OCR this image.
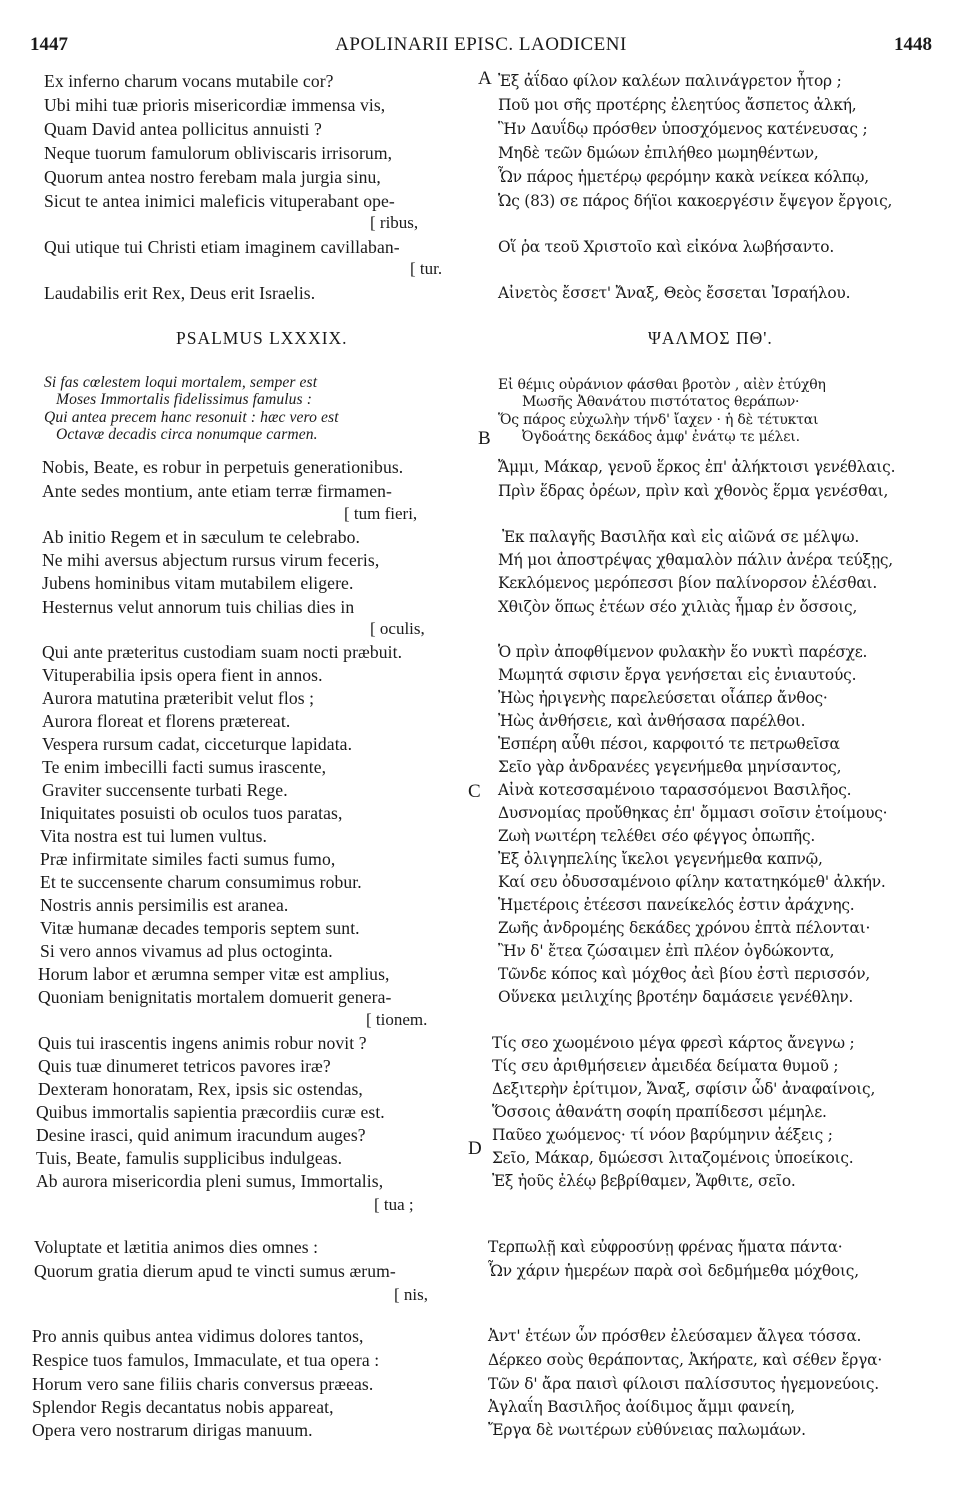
1447	APOLINARII EPISC. LAODICENI	1448
A
B
C
D
Ex inferno charum vocans mutabile cor?
Ubi mihi tuæ prioris misericordiæ immensa vis,
Quam David antea pollicitus annuisti ?
Neque tuorum famulorum obliviscaris irrisorum,
Quorum antea nostro ferebam mala jurgia sinu,
Sicut te antea inimici maleficis vituperabant ope-
[ ribus,
Qui utique tui Christi etiam imaginem cavillaban-
[ tur.
Laudabilis erit Rex, Deus erit Israelis.
PSALMUS LXXXIX.
Si fas cœlestem loqui mortalem, semper est
Moses Immortalis fidelissimus famulus :
Qui antea precem hanc resonuit : hæc vero est
Octavæ decadis circa nonumque carmen.
Nobis, Beate, es robur in perpetuis generationibus.
Ante sedes montium, ante etiam terræ firmamen-
[ tum fieri,
Ab initio Regem et in sæculum te celebrabo.
Ne mihi aversus abjectum rursus virum feceris,
Jubens hominibus vitam mutabilem eligere.
Hesternus velut annorum tuis chilias dies in
[ oculis,
Qui ante præteritus custodiam suam nocti præbuit.
Vituperabilia ipsis opera fient in annos.
Aurora matutina præteribit velut flos ;
Aurora floreat et florens prætereat.
Vespera rursum cadat, cicceturque lapidata.
Te enim imbecilli facti sumus irascente,
Graviter succensente turbati Rege.
Iniquitates posuisti ob oculos tuos paratas,
Vita nostra est tui lumen vultus.
Præ infirmitate similes facti sumus fumo,
Et te succensente charum consumimus robur.
Nostris annis persimilis est aranea.
Vitæ humanæ decades temporis septem sunt.
Si vero annos vivamus ad plus octoginta.
Horum labor et ærumna semper vitæ est amplius,
Quoniam benignitatis mortalem domuerit genera-
[ tionem.
Quis tui irascentis ingens animis robur novit ?
Quis tuæ dinumeret tetricos pavores iræ?
Dexteram honoratam, Rex, ipsis sic ostendas,
Quibus immortalis sapientia præcordiis curæ est.
Desine irasci, quid animum iracundum auges?
Tuis, Beate, famulis supplicibus indulgeas.
Ab aurora misericordia pleni sumus, Immortalis,
[ tua ;
Voluptate et lætitia animos dies omnes :
Quorum gratia dierum apud te vincti sumus ærum-
[ nis,
Pro annis quibus antea vidimus dolores tantos,
Respice tuos famulos, Immaculate, et tua opera :
Horum vero sane filiis charis conversus præeas.
Splendor Regis decantatus nobis appareat,
Opera vero nostrarum dirigas manuum.
Ἐξ ἀΐδαο φίλον καλέων παλινάγρετον ἦτορ ;
Ποῦ μοι σῆς προτέρης ἐλεητύος ἄσπετος ἀλκή,
Ἣν Δαυΐδῳ πρόσθεν ὑποσχόμενος κατένευσας ;
Μηδὲ τεῶν δμώων ἐπιλήθεο μωμηθέντων,
Ὧν πάρος ἡμετέρῳ φερόμην κακὰ νείκεα κόλπῳ,
Ὡς (83) σε πάρος δήϊοι κακοεργέσιν ἔψεγον ἔργοις,
Οἵ ῥα τεοῦ Χριστοῖο καὶ εἰκόνα λωβήσαντο.
Αἰνετὸς ἔσσετ' Ἄναξ, Θεὸς ἔσσεται Ἰσραήλου.
ΨΑΛΜΟΣ ΠΘ'.
Εἰ θέμις οὐράνιον φάσθαι βροτὸν , αἰὲν ἐτύχθη
Μωσῆς Ἀθανάτου πιστότατος θεράπων·
Ὅς πάρος εὐχωλὴν τήνδ' ἴαχεν · ἡ δὲ τέτυκται
Ὀγδοάτης δεκάδος ἀμφ' ἐνάτῳ τε μέλει.
Ἄμμι, Μάκαρ, γενοῦ ἕρκος ἐπ' ἀλήκτοισι γενέθλαις.
Πρὶν ἕδρας ὀρέων, πρὶν καὶ χθονὸς ἕρμα γενέσθαι,
Ἐκ παλαγῆς Βασιλῆα καὶ εἰς αἰῶνά σε μέλψω.
Μή μοι ἀποστρέψας χθαμαλὸν πάλιν ἀνέρα τεύξῃς,
Κεκλόμενος μερόπεσσι βίον παλίνορσον ἑλέσθαι.
Χθιζὸν ὅπως ἐτέων σέο χιλιὰς ἦμαρ ἐν ὄσσοις,
Ὁ πρὶν ἀποφθίμενον φυλακὴν ἕο νυκτὶ παρέσχε.
Μωμητά σφισιν ἔργα γενήσεται εἰς ἐνιαυτούς.
Ἠὼς ἠριγενὴς παρελεύσεται οἷάπερ ἄνθος·
Ἠὼς ἀνθήσειε, καὶ ἀνθήσασα παρέλθοι.
Ἑσπέρη αὖθι πέσοι, καρφοιτό τε πετρωθεῖσα
Σεῖο γὰρ ἀνδρανέες γεγενήμεθα μηνίσαντος,
Αἰνὰ κοτεσσαμένοιο ταρασσόμενοι Βασιλῆος.
Δυσνομίας προὔθηκας ἐπ' ὄμμασι σοῖσιν ἑτοίμους·
Ζωὴ νωιτέρη τελέθει σέο φέγγος ὀπωπῆς.
Ἐξ ὀλιγηπελίης ἴκελοι γεγενήμεθα καπνῷ,
Καί σευ ὀδυσσαμένοιο φίλην κατατηκόμεθ' ἀλκήν.
Ἡμετέροις ἐτέεσσι πανείκελός ἐστιν ἀράχνης.
Ζωῆς ἀνδρομέης δεκάδες χρόνου ἑπτὰ πέλονται·
Ἢν δ' ἔτεα ζώσαιμεν ἐπὶ πλέον ὀγδώκοντα,
Τῶνδε κόπος καὶ μόχθος ἀεὶ βίου ἐστὶ περισσόν,
Οὕνεκα μειλιχίης βροτέην δαμάσειε γενέθλην.
Τίς σεο χωομένοιο μέγα φρεσὶ κάρτος ἄνεγνω ;
Τίς σευ ἀριθμήσειεν ἀμειδέα δείματα θυμοῦ ;
Δεξιτερὴν ἐρίτιμον, Ἄναξ, σφίσιν ὧδ' ἀναφαίνοις,
Ὅσσοις ἀθανάτη σοφίη πραπίδεσσι μέμηλε.
Παῦεο χωόμενος· τί νόον βαρύμηνιν ἀέξεις ;
Σεῖο, Μάκαρ, δμώεσσι λιταζομένοις ὑποείκοις.
Ἐξ ἠοῦς ἐλέῳ βεβρίθαμεν, Ἄφθιτε, σεῖο.
Τερπωλῇ καὶ εὐφροσύνῃ φρένας ἤματα πάντα·
Ὧν χάριν ἡμερέων παρὰ σοὶ δεδμήμεθα μόχθοις,
Ἀντ' ἐτέων ὧν πρόσθεν ἐλεύσαμεν ἄλγεα τόσσα.
Δέρκεο σοὺς θεράποντας, Ἀκήρατε, καὶ σέθεν ἔργα·
Τῶν δ' ἄρα παισὶ φίλοισι παλίσσυτος ἡγεμονεύοις.
Ἀγλαΐη Βασιλῆος ἀοίδιμος ἄμμι φανείη,
Ἔργα δὲ νωιτέρων εὐθύνειας παλωμάων.
